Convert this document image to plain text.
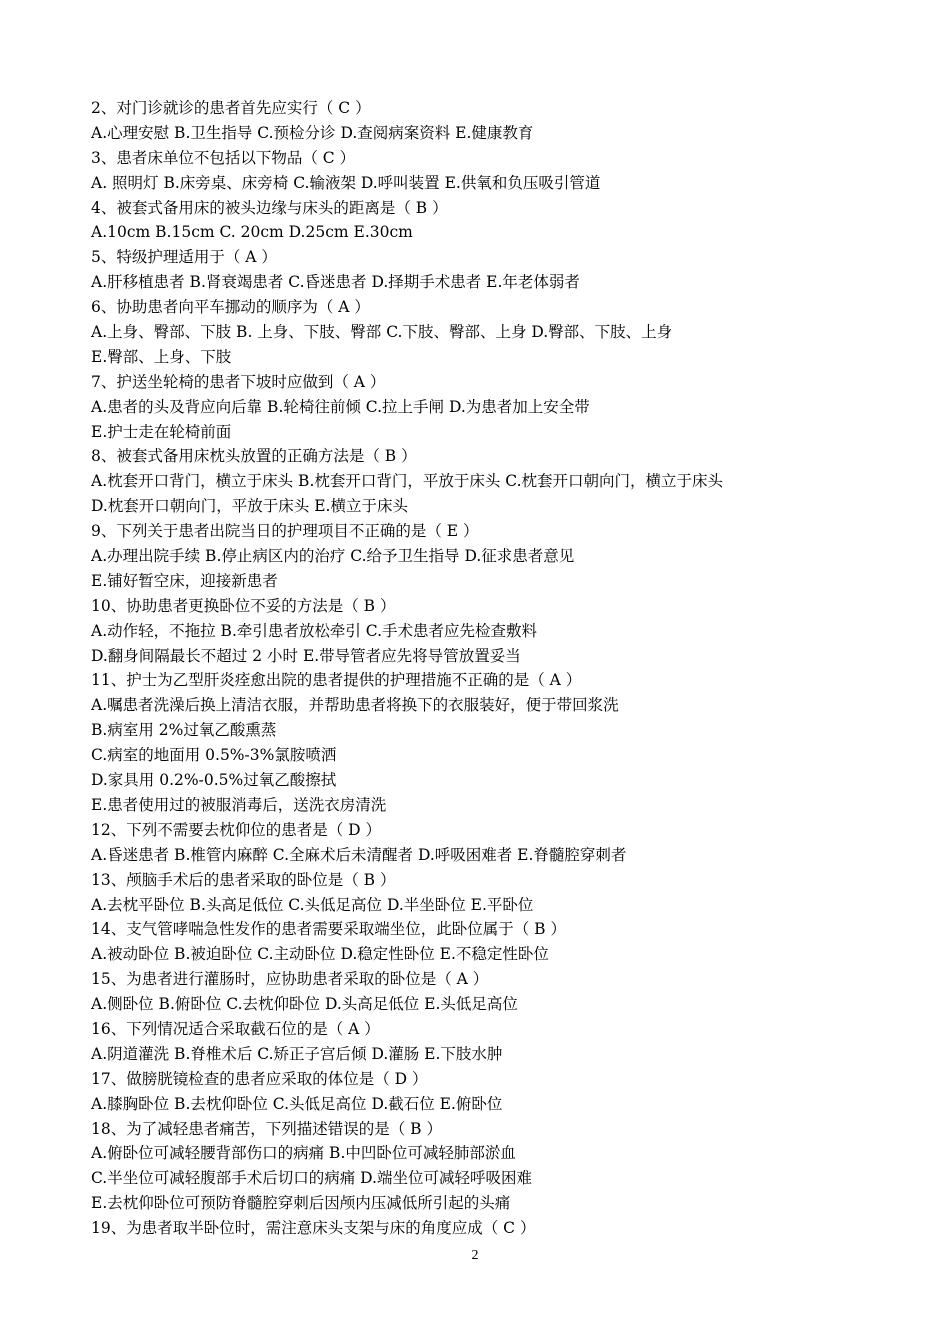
2、对门诊就诊的患者首先应实行（ C ）
A.心理安慰 B.卫生指导 C.预检分诊 D.查阅病案资料 E.健康教育
3、患者床单位不包括以下物品（ C ）
A. 照明灯 B.床旁桌、床旁椅 C.输液架 D.呼叫装置 E.供氧和负压吸引管道
4、被套式备用床的被头边缘与床头的距离是（ B ）
A.10cm B.15cm C. 20cm D.25cm E.30cm
5、特级护理适用于（ A ）
A.肝移植患者 B.肾衰竭患者 C.昏迷患者 D.择期手术患者 E.年老体弱者
6、协助患者向平车挪动的顺序为（ A ）
A.上身、臀部、下肢 B. 上身、下肢、臀部 C.下肢、臀部、上身 D.臀部、下肢、上身
E.臀部、上身、下肢
7、护送坐轮椅的患者下坡时应做到（ A ）
A.患者的头及背应向后靠 B.轮椅往前倾 C.拉上手闸 D.为患者加上安全带
E.护士走在轮椅前面
8、被套式备用床枕头放置的正确方法是（ B ）
A.枕套开口背门，横立于床头 B.枕套开口背门，平放于床头 C.枕套开口朝向门，横立于床头
D.枕套开口朝向门，平放于床头 E.横立于床头
9、下列关于患者出院当日的护理项目不正确的是（ E ）
A.办理出院手续 B.停止病区内的治疗 C.给予卫生指导 D.征求患者意见
E.铺好暂空床，迎接新患者
10、协助患者更换卧位不妥的方法是（ B ）
A.动作轻，不拖拉 B.牵引患者放松牵引 C.手术患者应先检查敷料
D.翻身间隔最长不超过 2 小时 E.带导管者应先将导管放置妥当
11、护士为乙型肝炎痊愈出院的患者提供的护理措施不正确的是（ A ）
A.嘱患者洗澡后换上清洁衣服，并帮助患者将换下的衣服装好，便于带回浆洗
B.病室用 2%过氧乙酸熏蒸
C.病室的地面用 0.5%-3%氯胺喷洒
D.家具用 0.2%-0.5%过氧乙酸擦拭
E.患者使用过的被服消毒后，送洗衣房清洗
12、下列不需要去枕仰位的患者是（ D ）
A.昏迷患者 B.椎管内麻醉 C.全麻术后未清醒者 D.呼吸困难者 E.脊髓腔穿刺者
13、颅脑手术后的患者采取的卧位是（ B ）
A.去枕平卧位 B.头高足低位 C.头低足高位 D.半坐卧位 E.平卧位
14、支气管哮喘急性发作的患者需要采取端坐位，此卧位属于（ B ）
A.被动卧位 B.被迫卧位 C.主动卧位 D.稳定性卧位 E.不稳定性卧位
15、为患者进行灌肠时，应协助患者采取的卧位是（ A ）
A.侧卧位 B.俯卧位 C.去枕仰卧位 D.头高足低位 E.头低足高位
16、下列情况适合采取截石位的是（ A ）
A.阴道灌洗 B.脊椎术后 C.矫正子宫后倾 D.灌肠 E.下肢水肿
17、做膀胱镜检查的患者应采取的体位是（ D ）
A.膝胸卧位 B.去枕仰卧位 C.头低足高位 D.截石位 E.俯卧位
18、为了减轻患者痛苦，下列描述错误的是（ B ）
A.俯卧位可减轻腰背部伤口的病痛 B.中凹卧位可减轻肺部淤血
C.半坐位可减轻腹部手术后切口的病痛 D.端坐位可减轻呼吸困难
E.去枕仰卧位可预防脊髓腔穿刺后因颅内压减低所引起的头痛
19、为患者取半卧位时，需注意床头支架与床的角度应成（ C ）
2
